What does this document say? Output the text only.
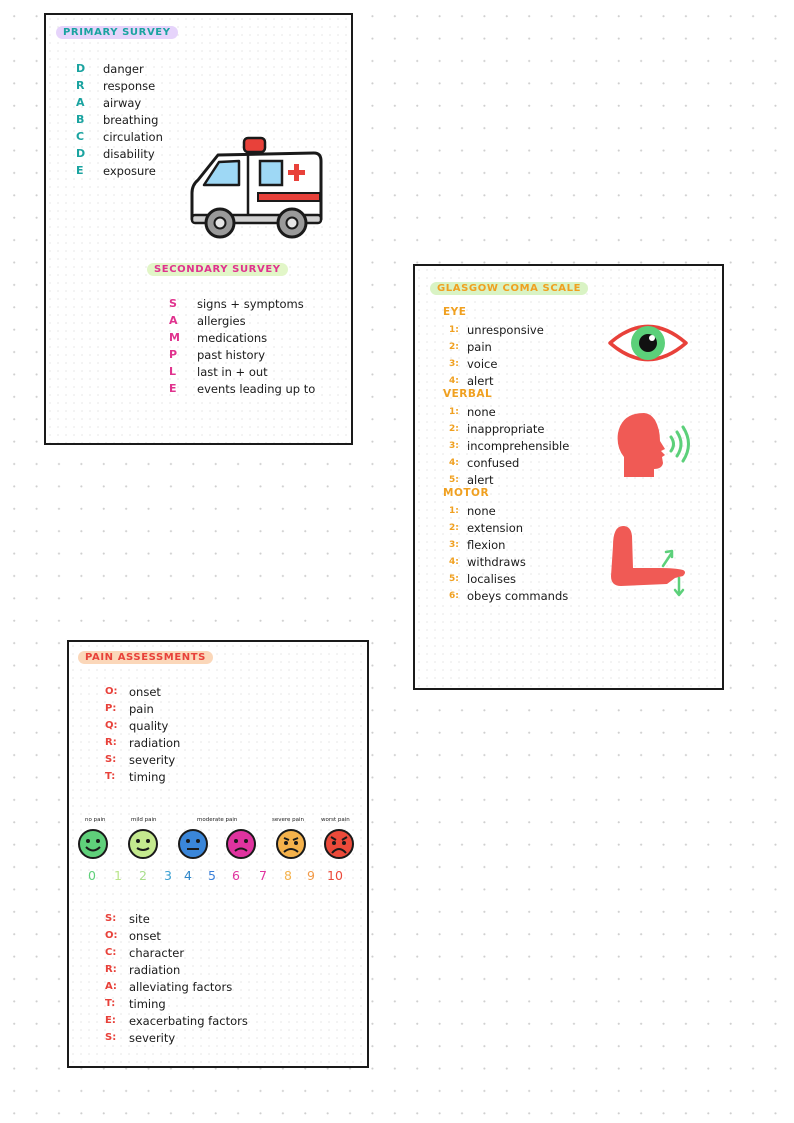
PRIMARY SURVEY
D	danger
R	response
A	airway
B	breathing
C	circulation
D	disability
E	exposure
SECONDARY SURVEY
S	signs + symptoms
A	allergies
M	medications
P	past history
L	last in + out
E	events leading up to
GLASGOW COMA SCALE
EYE
1: unresponsive
2: pain
3: voice
4: alert
VERBAL
1: none
2: inappropriate
3: incomprehensible
4: confused
5: alert
MOTOR
1: none
2: extension
3: flexion
4: withdraws
5: localises
6: obeys commands
PAIN ASSESSMENTS
O:	onset
P:	pain
Q:	quality
R:	radiation
S:	severity
T:	timing
no pain	mild pain	moderate pain	severe pain	worst pain
0 1 2 3 4 5 6 7 8 9 10
S:	site
O:	onset
C:	character
R:	radiation
A:	alleviating factors
T:	timing
E:	exacerbating factors
S:	severity
